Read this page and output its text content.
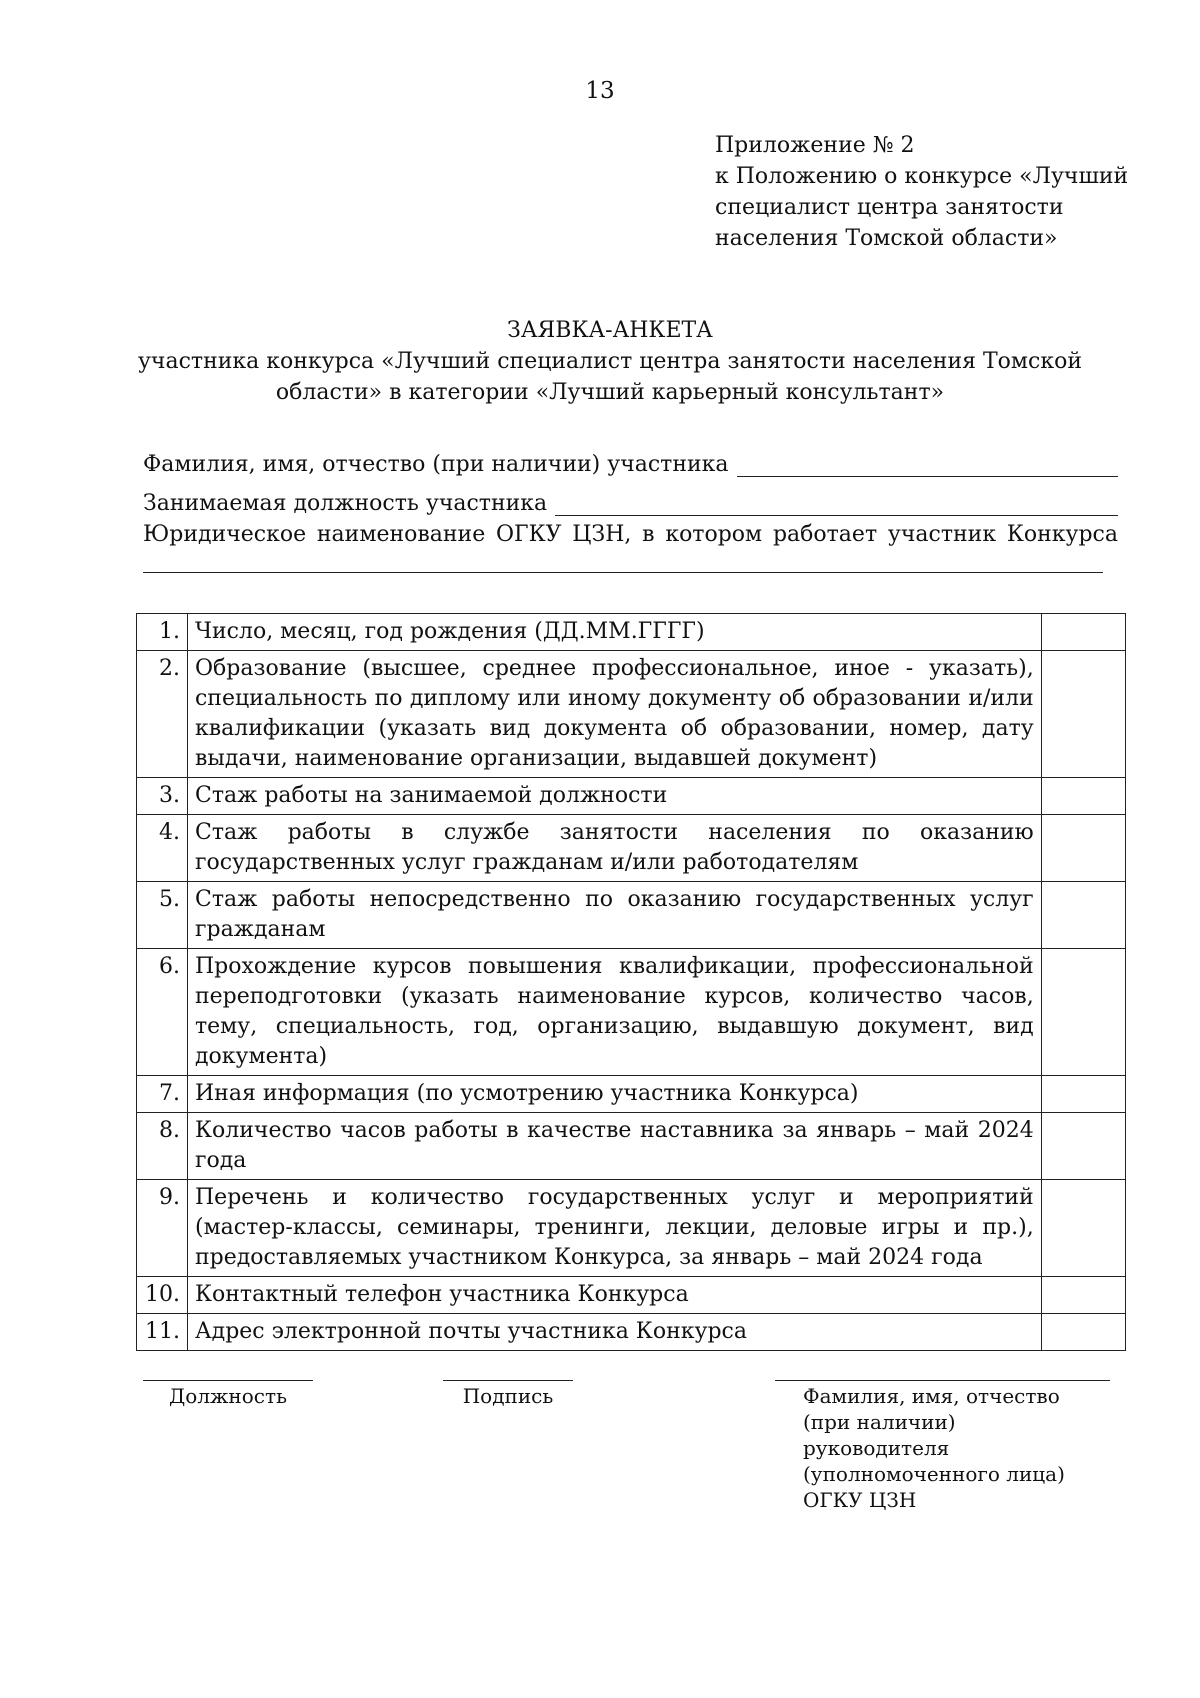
13
Приложение № 2
к Положению о конкурсе «Лучший
специалист центра занятости
населения Томской области»
ЗАЯВКА-АНКЕТА
участника конкурса «Лучший специалист центра занятости населения Томской
области» в категории «Лучший карьерный консультант»
Фамилия, имя, отчество (при наличии) участника
Занимаемая должность участника
Юридическое наименование ОГКУ ЦЗН, в котором работает участник Конкурса
1.	Число, месяц, год рождения (ДД.ММ.ГГГГ)	
2.	Образование (высшее, среднее профессиональное, иное - указать), специальность по диплому или иному документу об образовании и/или квалификации (указать вид документа об образовании, номер, дату выдачи, наименование организации, выдавшей документ)	
3.	Стаж работы на занимаемой должности	
4.	Стаж работы в службе занятости населения по оказанию государственных услуг гражданам и/или работодателям	
5.	Стаж работы непосредственно по оказанию государственных услуг гражданам	
6.	Прохождение курсов повышения квалификации, профессиональной переподготовки (указать наименование курсов, количество часов, тему, специальность, год, организацию, выдавшую документ, вид документа)	
7.	Иная информация (по усмотрению участника Конкурса)	
8.	Количество часов работы в качестве наставника за январь – май 2024 года	
9.	Перечень и количество государственных услуг и мероприятий (мастер-классы, семинары, тренинги, лекции, деловые игры и пр.), предоставляемых участником Конкурса, за январь – май 2024 года	
10.	Контактный телефон участника Конкурса	
11.	Адрес электронной почты участника Конкурса	
Должность	Подпись	Фамилия, имя, отчество (при наличии) руководителя (уполномоченного лица) ОГКУ ЦЗН
